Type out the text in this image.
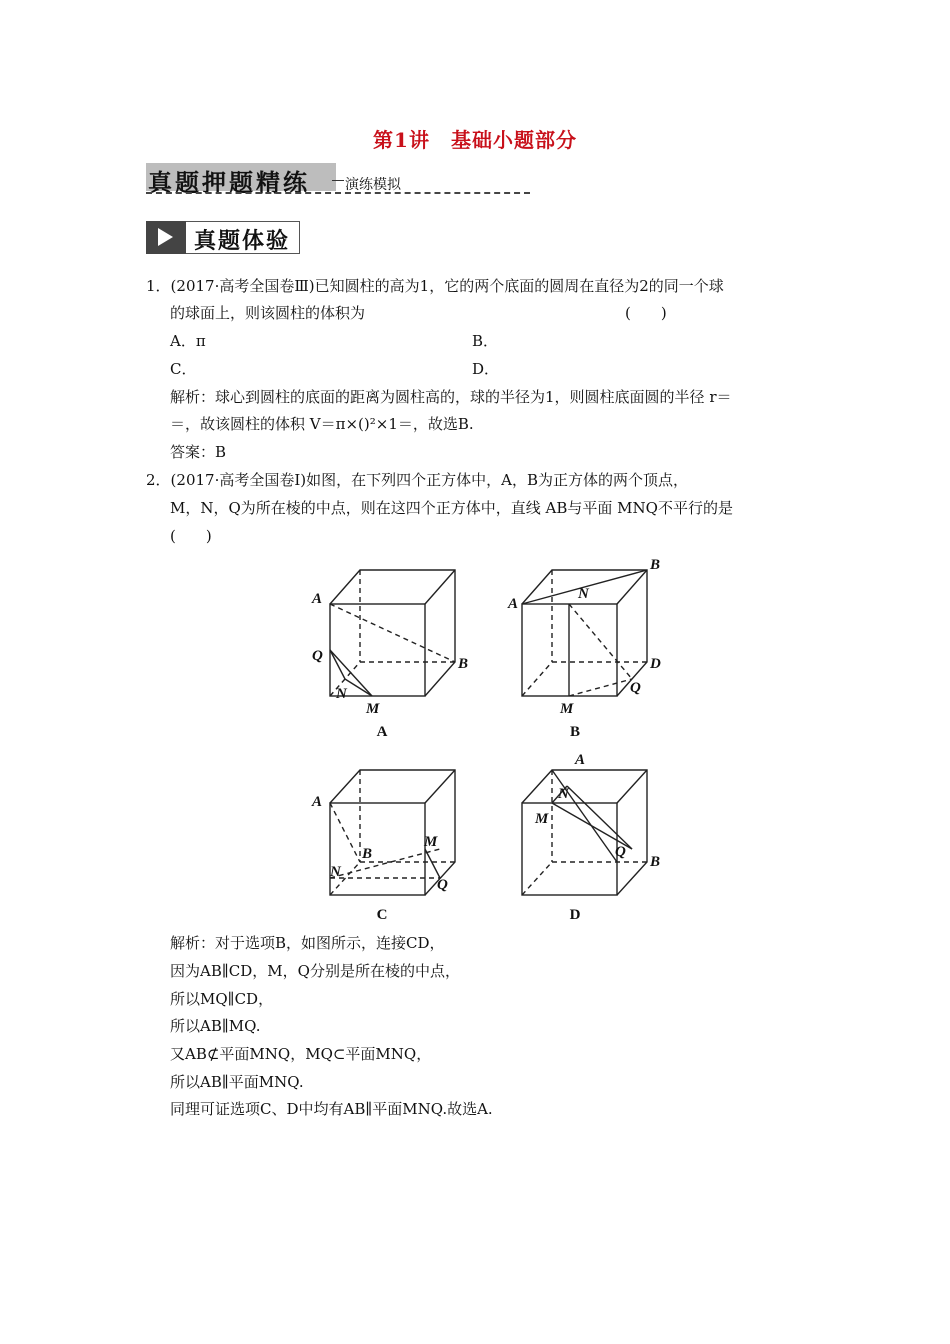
第1讲　基础小题部分
真题押题精练	演练模拟
真题体验
1．(2017·高考全国卷Ⅲ)已知圆柱的高为1，它的两个底面的圆周在直径为2的同一个球
的球面上，则该圆柱的体积为	(　　)
A．π	B．
C．	D．
解析：球心到圆柱的底面的距离为圆柱高的，球的半径为1，则圆柱底面圆的半径 r＝
＝，故该圆柱的体积 V＝π×()²×1＝，故选B.
答案：B
2．(2017·高考全国卷Ⅰ)如图，在下列四个正方体中，A，B为正方体的两个顶点，
M，N，Q为所在棱的中点，则在这四个正方体中，直线 AB与平面 MNQ不平行的是
(　　)
A
B
Q
N
M
A
B
N
D
Q
M
A
B
M
N
Q
A
N
M
Q
B
A	B
C	D
解析：对于选项B，如图所示，连接CD，
因为AB∥CD，M，Q分别是所在棱的中点，
所以MQ∥CD，
所以AB∥MQ.
又AB⊄平面MNQ，MQ⊂平面MNQ，
所以AB∥平面MNQ.
同理可证选项C、D中均有AB∥平面MNQ.故选A.
